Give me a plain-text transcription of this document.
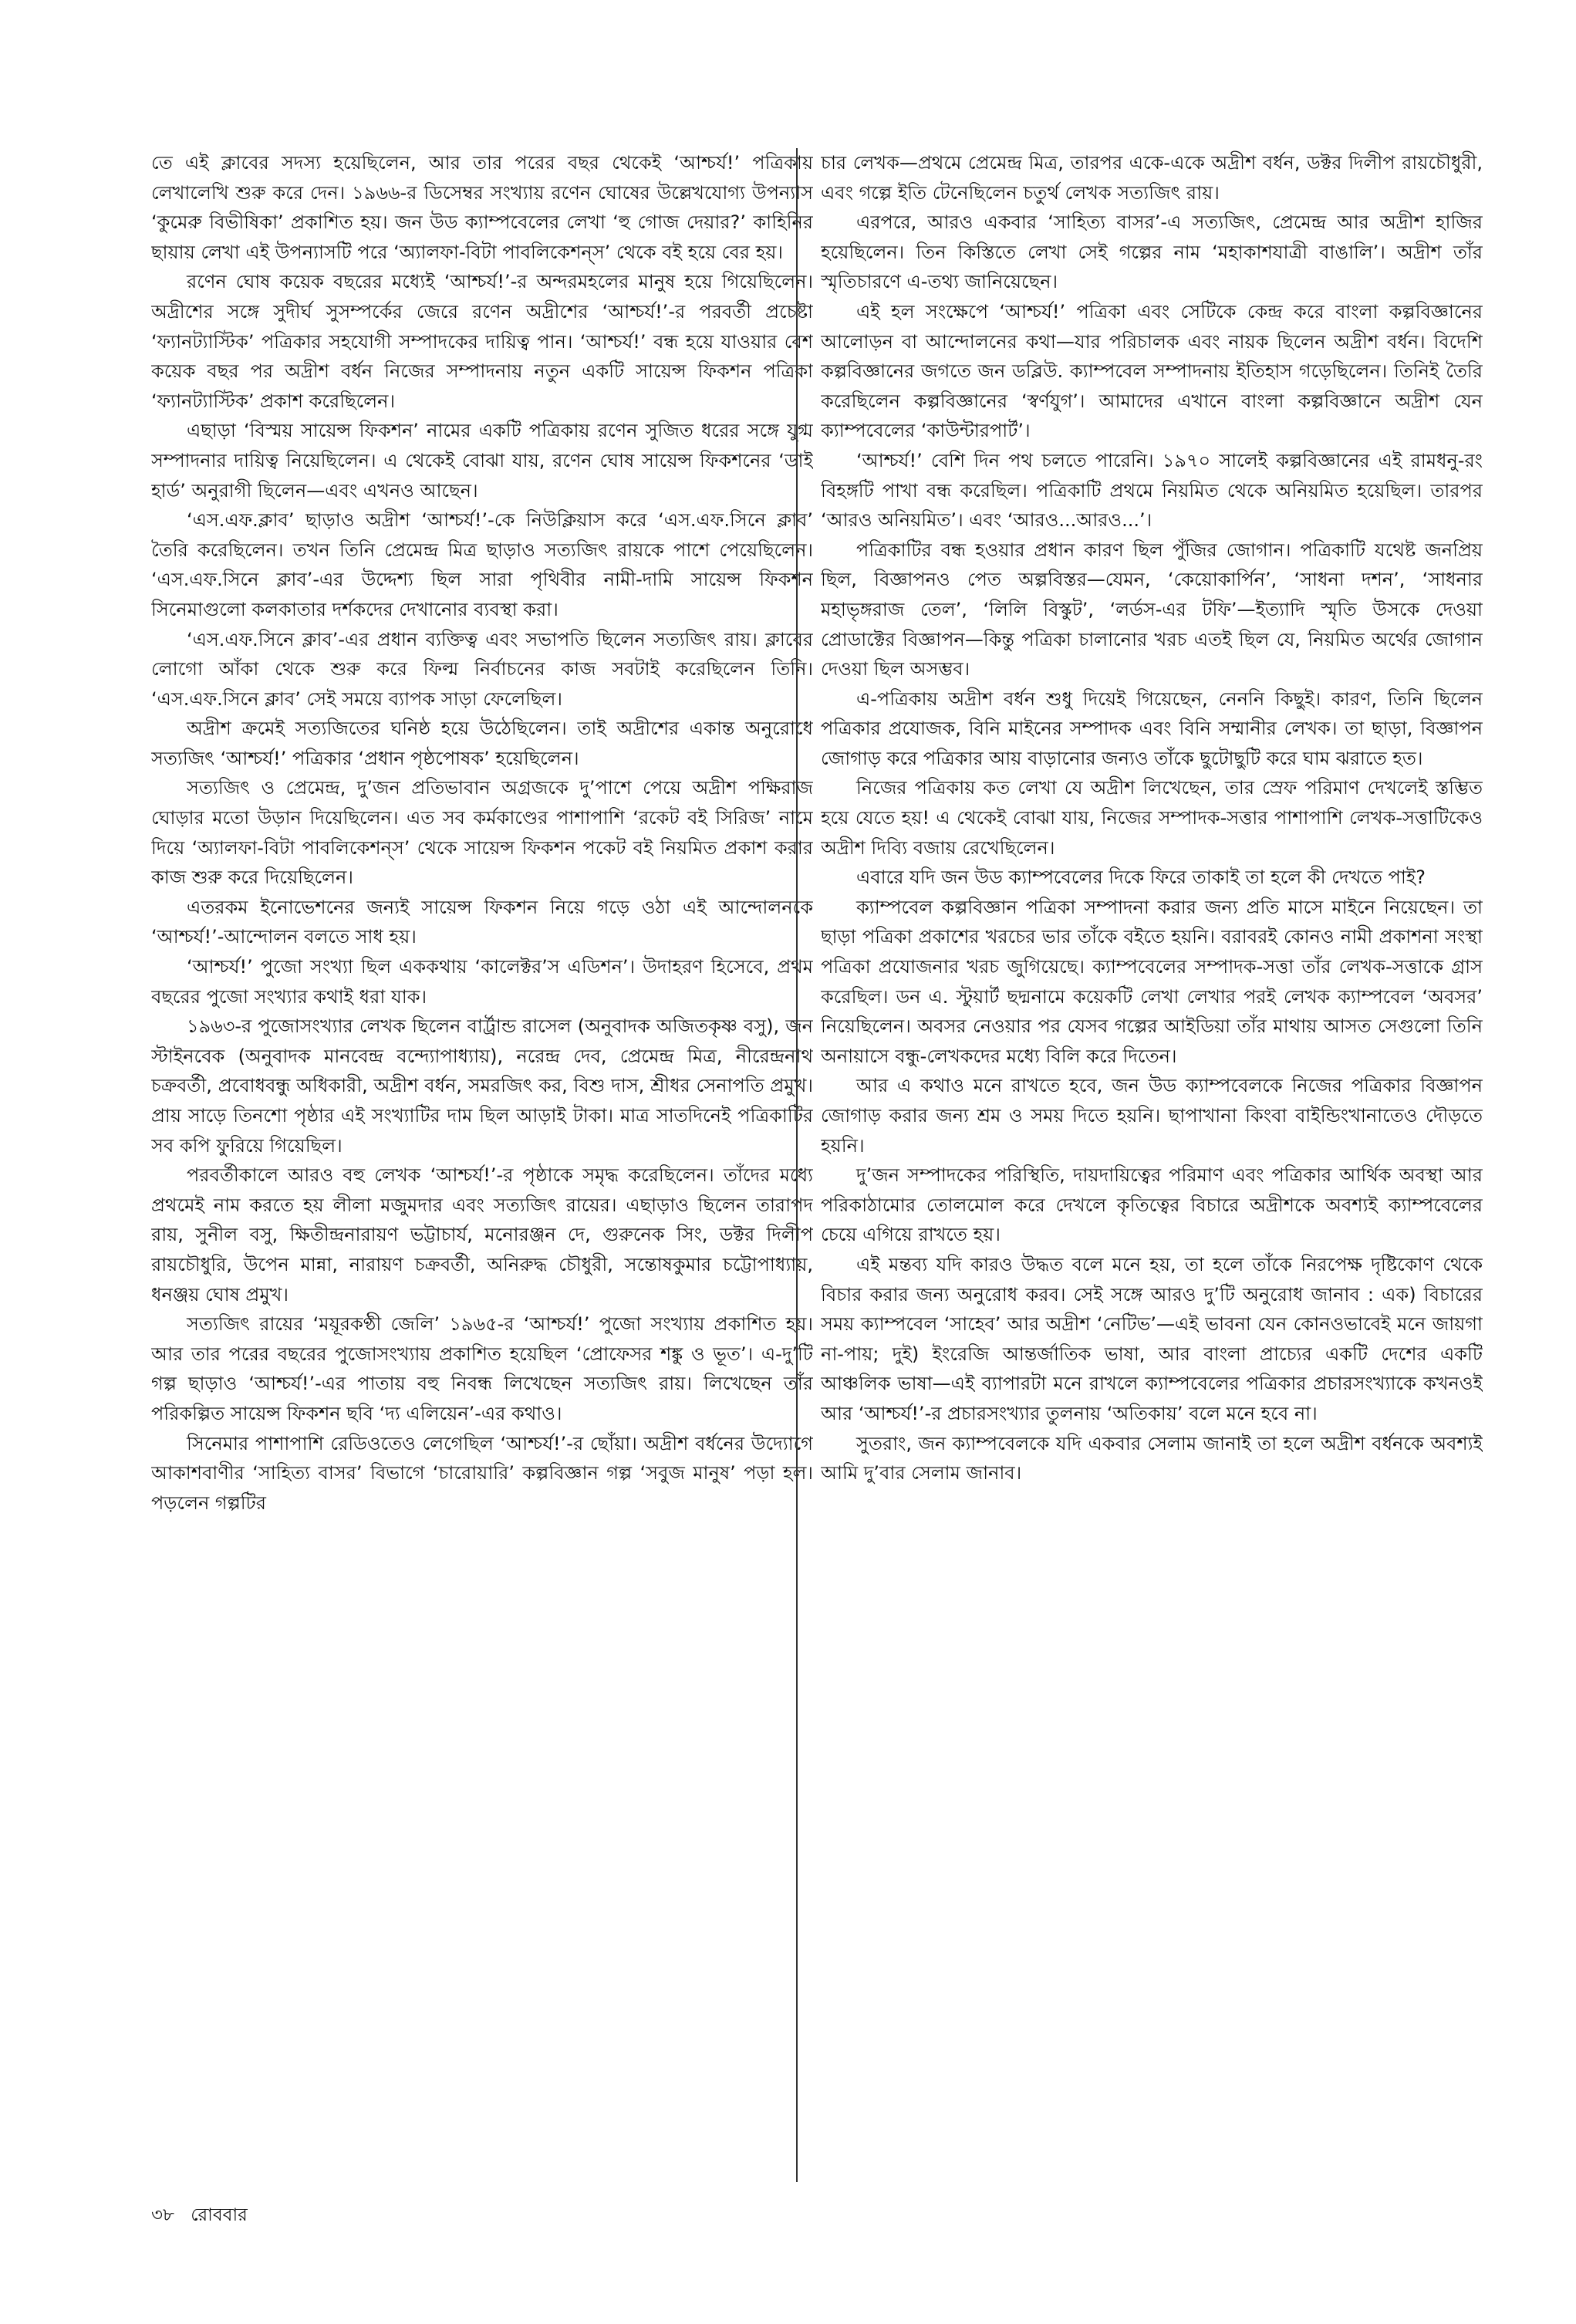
তে এই ক্লাবের সদস্য হয়েছিলেন, আর তার পরের বছর থেকেই ‘আশ্চর্য!’ পত্রিকায় লেখালেখি শুরু করে দেন। ১৯৬৬-র ডিসেম্বর সংখ্যায় রণেন ঘোষের উল্লেখযোগ্য উপন্যাস ‘কুমেরু বিভীষিকা’ প্রকাশিত হয়। জন উড ক্যাম্পবেলের লেখা ‘হু গোজ দেয়ার?’ কাহিনির ছায়ায় লেখা এই উপন্যাসটি পরে ‘অ্যালফা-বিটা পাবলিকেশন্‌স’ থেকে বই হয়ে বের হয়।

রণেন ঘোষ কয়েক বছরের মধ্যেই ‘আশ্চর্য!’-র অন্দরমহলের মানুষ হয়ে গিয়েছিলেন। অদ্রীশের সঙ্গে সুদীর্ঘ সুসম্পর্কের জেরে রণেন অদ্রীশের ‘আশ্চর্য!’-র পরবর্তী প্রচেষ্টা ‘ফ্যানট্যাস্টিক’ পত্রিকার সহযোগী সম্পাদকের দায়িত্ব পান। ‘আশ্চর্য!’ বন্ধ হয়ে যাওয়ার বেশ কয়েক বছর পর অদ্রীশ বর্ধন নিজের সম্পাদনায় নতুন একটি সায়েন্স ফিকশন পত্রিকা ‘ফ্যানট্যাস্টিক’ প্রকাশ করেছিলেন।

এছাড়া ‘বিস্ময় সায়েন্স ফিকশন’ নামের একটি পত্রিকায় রণেন সুজিত ধরের সঙ্গে যুগ্ম সম্পাদনার দায়িত্ব নিয়েছিলেন। এ থেকেই বোঝা যায়, রণেন ঘোষ সায়েন্স ফিকশনের ‘ডাই হার্ড’ অনুরাগী ছিলেন—এবং এখনও আছেন।

‘এস.এফ.ক্লাব’ ছাড়াও অদ্রীশ ‘আশ্চর্য!’-কে নিউক্লিয়াস করে ‘এস.এফ.সিনে ক্লাব’ তৈরি করেছিলেন। তখন তিনি প্রেমেন্দ্র মিত্র ছাড়াও সত্যজিৎ রায়কে পাশে পেয়েছিলেন। ‘এস.এফ.সিনে ক্লাব’-এর উদ্দেশ্য ছিল সারা পৃথিবীর নামী-দামি সায়েন্স ফিকশন সিনেমাগুলো কলকাতার দর্শকদের দেখানোর ব্যবস্থা করা।

‘এস.এফ.সিনে ক্লাব’-এর প্রধান ব্যক্তিত্ব এবং সভাপতি ছিলেন সত্যজিৎ রায়। ক্লাবের লোগো আঁকা থেকে শুরু করে ফিল্ম নির্বাচনের কাজ সবটাই করেছিলেন তিনি। ‘এস.এফ.সিনে ক্লাব’ সেই সময়ে ব্যাপক সাড়া ফেলেছিল।

অদ্রীশ ক্রমেই সত্যজিতের ঘনিষ্ঠ হয়ে উঠেছিলেন। তাই অদ্রীশের একান্ত অনুরোধে সত্যজিৎ ‘আশ্চর্য!’ পত্রিকার ‘প্রধান পৃষ্ঠপোষক’ হয়েছিলেন।

সত্যজিৎ ও প্রেমেন্দ্র, দু’জন প্রতিভাবান অগ্রজকে দু’পাশে পেয়ে অদ্রীশ পক্ষিরাজ ঘোড়ার মতো উড়ান দিয়েছিলেন। এত সব কর্মকাণ্ডের পাশাপাশি ‘রকেট বই সিরিজ’ নামে দিয়ে ‘অ্যালফা-বিটা পাবলিকেশন্‌স’ থেকে সায়েন্স ফিকশন পকেট বই নিয়মিত প্রকাশ করার কাজ শুরু করে দিয়েছিলেন।

এতরকম ইনোভেশনের জন্যই সায়েন্স ফিকশন নিয়ে গড়ে ওঠা এই আন্দোলনকে ‘আশ্চর্য!’-আন্দোলন বলতে সাধ হয়।

‘আশ্চর্য!’ পুজো সংখ্যা ছিল এককথায় ‘কালেক্টর’স এডিশন’। উদাহরণ হিসেবে, প্রথম বছরের পুজো সংখ্যার কথাই ধরা যাক।

১৯৬৩-র পুজোসংখ্যার লেখক ছিলেন বার্ট্রান্ড রাসেল (অনুবাদক অজিতকৃষ্ণ বসু), জন স্টাইনবেক (অনুবাদক মানবেন্দ্র বন্দ্যোপাধ্যায়), নরেন্দ্র দেব, প্রেমেন্দ্র মিত্র, নীরেন্দ্রনাথ চক্রবর্তী, প্রবোধবন্ধু অধিকারী, অদ্রীশ বর্ধন, সমরজিৎ কর, বিশু দাস, শ্রীধর সেনাপতি প্রমুখ। প্রায় সাড়ে তিনশো পৃষ্ঠার এই সংখ্যাটির দাম ছিল আড়াই টাকা। মাত্র সাতদিনেই পত্রিকাটির সব কপি ফুরিয়ে গিয়েছিল।

পরবর্তীকালে আরও বহু লেখক ‘আশ্চর্য!’-র পৃষ্ঠাকে সমৃদ্ধ করেছিলেন। তাঁদের মধ্যে প্রথমেই নাম করতে হয় লীলা মজুমদার এবং সত্যজিৎ রায়ের। এছাড়াও ছিলেন তারাপদ রায়, সুনীল বসু, ক্ষিতীন্দ্রনারায়ণ ভট্টাচার্য, মনোরঞ্জন দে, গুরুনেক সিং, ডক্টর দিলীপ রায়চৌধুরি, উপেন মান্না, নারায়ণ চক্রবর্তী, অনিরুদ্ধ চৌধুরী, সন্তোষকুমার চট্টোপাধ্যায়, ধনঞ্জয় ঘোষ প্রমুখ।

সত্যজিৎ রায়ের ‘ময়ূরকণ্ঠী জেলি’ ১৯৬৫-র ‘আশ্চর্য!’ পুজো সংখ্যায় প্রকাশিত হয়। আর তার পরের বছরের পুজোসংখ্যায় প্রকাশিত হয়েছিল ‘প্রোফেসর শঙ্কু ও ভূত’। এ-দু’টি গল্প ছাড়াও ‘আশ্চর্য!’-এর পাতায় বহু নিবন্ধ লিখেছেন সত্যজিৎ রায়। লিখেছেন তাঁর পরিকল্পিত সায়েন্স ফিকশন ছবি ‘দ্য এলিয়েন’-এর কথাও।

সিনেমার পাশাপাশি রেডিওতেও লেগেছিল ‘আশ্চর্য!’-র ছোঁয়া। অদ্রীশ বর্ধনের উদ্যোগে আকাশবাণীর ‘সাহিত্য বাসর’ বিভাগে ‘চারোয়ারি’ কল্পবিজ্ঞান গল্প ‘সবুজ মানুষ’ পড়া হল। পড়লেন গল্পটির

চার লেখক—প্রথমে প্রেমেন্দ্র মিত্র, তারপর একে-একে অদ্রীশ বর্ধন, ডক্টর দিলীপ রায়চৌধুরী, এবং গল্পে ইতি টেনেছিলেন চতুর্থ লেখক সত্যজিৎ রায়।

এরপরে, আরও একবার ‘সাহিত্য বাসর’-এ সত্যজিৎ, প্রেমেন্দ্র আর অদ্রীশ হাজির হয়েছিলেন। তিন কিস্তিতে লেখা সেই গল্পের নাম ‘মহাকাশযাত্রী বাঙালি’। অদ্রীশ তাঁর স্মৃতিচারণে এ-তথ্য জানিয়েছেন।

এই হল সংক্ষেপে ‘আশ্চর্য!’ পত্রিকা এবং সেটিকে কেন্দ্র করে বাংলা কল্পবিজ্ঞানের আলোড়ন বা আন্দোলনের কথা—যার পরিচালক এবং নায়ক ছিলেন অদ্রীশ বর্ধন। বিদেশি কল্পবিজ্ঞানের জগতে জন ডব্লিউ. ক্যাম্পবেল সম্পাদনায় ইতিহাস গড়েছিলেন। তিনিই তৈরি করেছিলেন কল্পবিজ্ঞানের ‘স্বর্ণযুগ’। আমাদের এখানে বাংলা কল্পবিজ্ঞানে অদ্রীশ যেন ক্যাম্পবেলের ‘কাউন্টারপার্ট’।

‘আশ্চর্য!’ বেশি দিন পথ চলতে পারেনি। ১৯৭০ সালেই কল্পবিজ্ঞানের এই রামধনু-রং বিহঙ্গটি পাখা বন্ধ করেছিল। পত্রিকাটি প্রথমে নিয়মিত থেকে অনিয়মিত হয়েছিল। তারপর ‘আরও অনিয়মিত’। এবং ‘আরও...আরও...’।

পত্রিকাটির বন্ধ হওয়ার প্রধান কারণ ছিল পুঁজির জোগান। পত্রিকাটি যথেষ্ট জনপ্রিয় ছিল, বিজ্ঞাপনও পেত অল্পবিস্তর—যেমন, ‘কেয়োকার্পিন’, ‘সাধনা দশন’, ‘সাধনার মহাভৃঙ্গরাজ তেল’, ‘লিলি বিস্কুট’, ‘লর্ডস-এর টফি’—ইত্যাদি স্মৃতি উসকে দেওয়া প্রোডাক্টের বিজ্ঞাপন—কিন্তু পত্রিকা চালানোর খরচ এতই ছিল যে, নিয়মিত অর্থের জোগান দেওয়া ছিল অসম্ভব।

এ-পত্রিকায় অদ্রীশ বর্ধন শুধু দিয়েই গিয়েছেন, নেননি কিছুই। কারণ, তিনি ছিলেন পত্রিকার প্রযোজক, বিনি মাইনের সম্পাদক এবং বিনি সম্মানীর লেখক। তা ছাড়া, বিজ্ঞাপন জোগাড় করে পত্রিকার আয় বাড়ানোর জন্যও তাঁকে ছুটোছুটি করে ঘাম ঝরাতে হত।

নিজের পত্রিকায় কত লেখা যে অদ্রীশ লিখেছেন, তার স্রেফ পরিমাণ দেখলেই স্তম্ভিত হয়ে যেতে হয়! এ থেকেই বোঝা যায়, নিজের সম্পাদক-সত্তার পাশাপাশি লেখক-সত্তাটিকেও অদ্রীশ দিব্যি বজায় রেখেছিলেন।

এবারে যদি জন উড ক্যাম্পবেলের দিকে ফিরে তাকাই তা হলে কী দেখতে পাই?

ক্যাম্পবেল কল্পবিজ্ঞান পত্রিকা সম্পাদনা করার জন্য প্রতি মাসে মাইনে নিয়েছেন। তা ছাড়া পত্রিকা প্রকাশের খরচের ভার তাঁকে বইতে হয়নি। বরাবরই কোনও নামী প্রকাশনা সংস্থা পত্রিকা প্রযোজনার খরচ জুগিয়েছে। ক্যাম্পবেলের সম্পাদক-সত্তা তাঁর লেখক-সত্তাকে গ্রাস করেছিল। ডন এ. স্টুয়ার্ট ছদ্মনামে কয়েকটি লেখা লেখার পরই লেখক ক্যাম্পবেল ‘অবসর’ নিয়েছিলেন। অবসর নেওয়ার পর যেসব গল্পের আইডিয়া তাঁর মাথায় আসত সেগুলো তিনি অনায়াসে বন্ধু-লেখকদের মধ্যে বিলি করে দিতেন।

আর এ কথাও মনে রাখতে হবে, জন উড ক্যাম্পবেলকে নিজের পত্রিকার বিজ্ঞাপন জোগাড় করার জন্য শ্রম ও সময় দিতে হয়নি। ছাপাখানা কিংবা বাইন্ডিংখানাতেও দৌড়তে হয়নি।

দু’জন সম্পাদকের পরিস্থিতি, দায়দায়িত্বের পরিমাণ এবং পত্রিকার আর্থিক অবস্থা আর পরিকাঠামোর তোলমোল করে দেখলে কৃতিত্বের বিচারে অদ্রীশকে অবশ্যই ক্যাম্পবেলের চেয়ে এগিয়ে রাখতে হয়।

এই মন্তব্য যদি কারও উদ্ধত বলে মনে হয়, তা হলে তাঁকে নিরপেক্ষ দৃষ্টিকোণ থেকে বিচার করার জন্য অনুরোধ করব। সেই সঙ্গে আরও দু’টি অনুরোধ জানাব : এক) বিচারের সময় ক্যাম্পবেল ‘সাহেব’ আর অদ্রীশ ‘নেটিভ’—এই ভাবনা যেন কোনওভাবেই মনে জায়গা না-পায়; দুই) ইংরেজি আন্তর্জাতিক ভাষা, আর বাংলা প্রাচ্যের একটি দেশের একটি আঞ্চলিক ভাষা—এই ব্যাপারটা মনে রাখলে ক্যাম্পবেলের পত্রিকার প্রচারসংখ্যাকে কখনওই আর ‘আশ্চর্য!’-র প্রচারসংখ্যার তুলনায় ‘অতিকায়’ বলে মনে হবে না।

সুতরাং, জন ক্যাম্পবেলকে যদি একবার সেলাম জানাই তা হলে অদ্রীশ বর্ধনকে অবশ্যই আমি দু’বার সেলাম জানাব।

৩৮ রোববার
